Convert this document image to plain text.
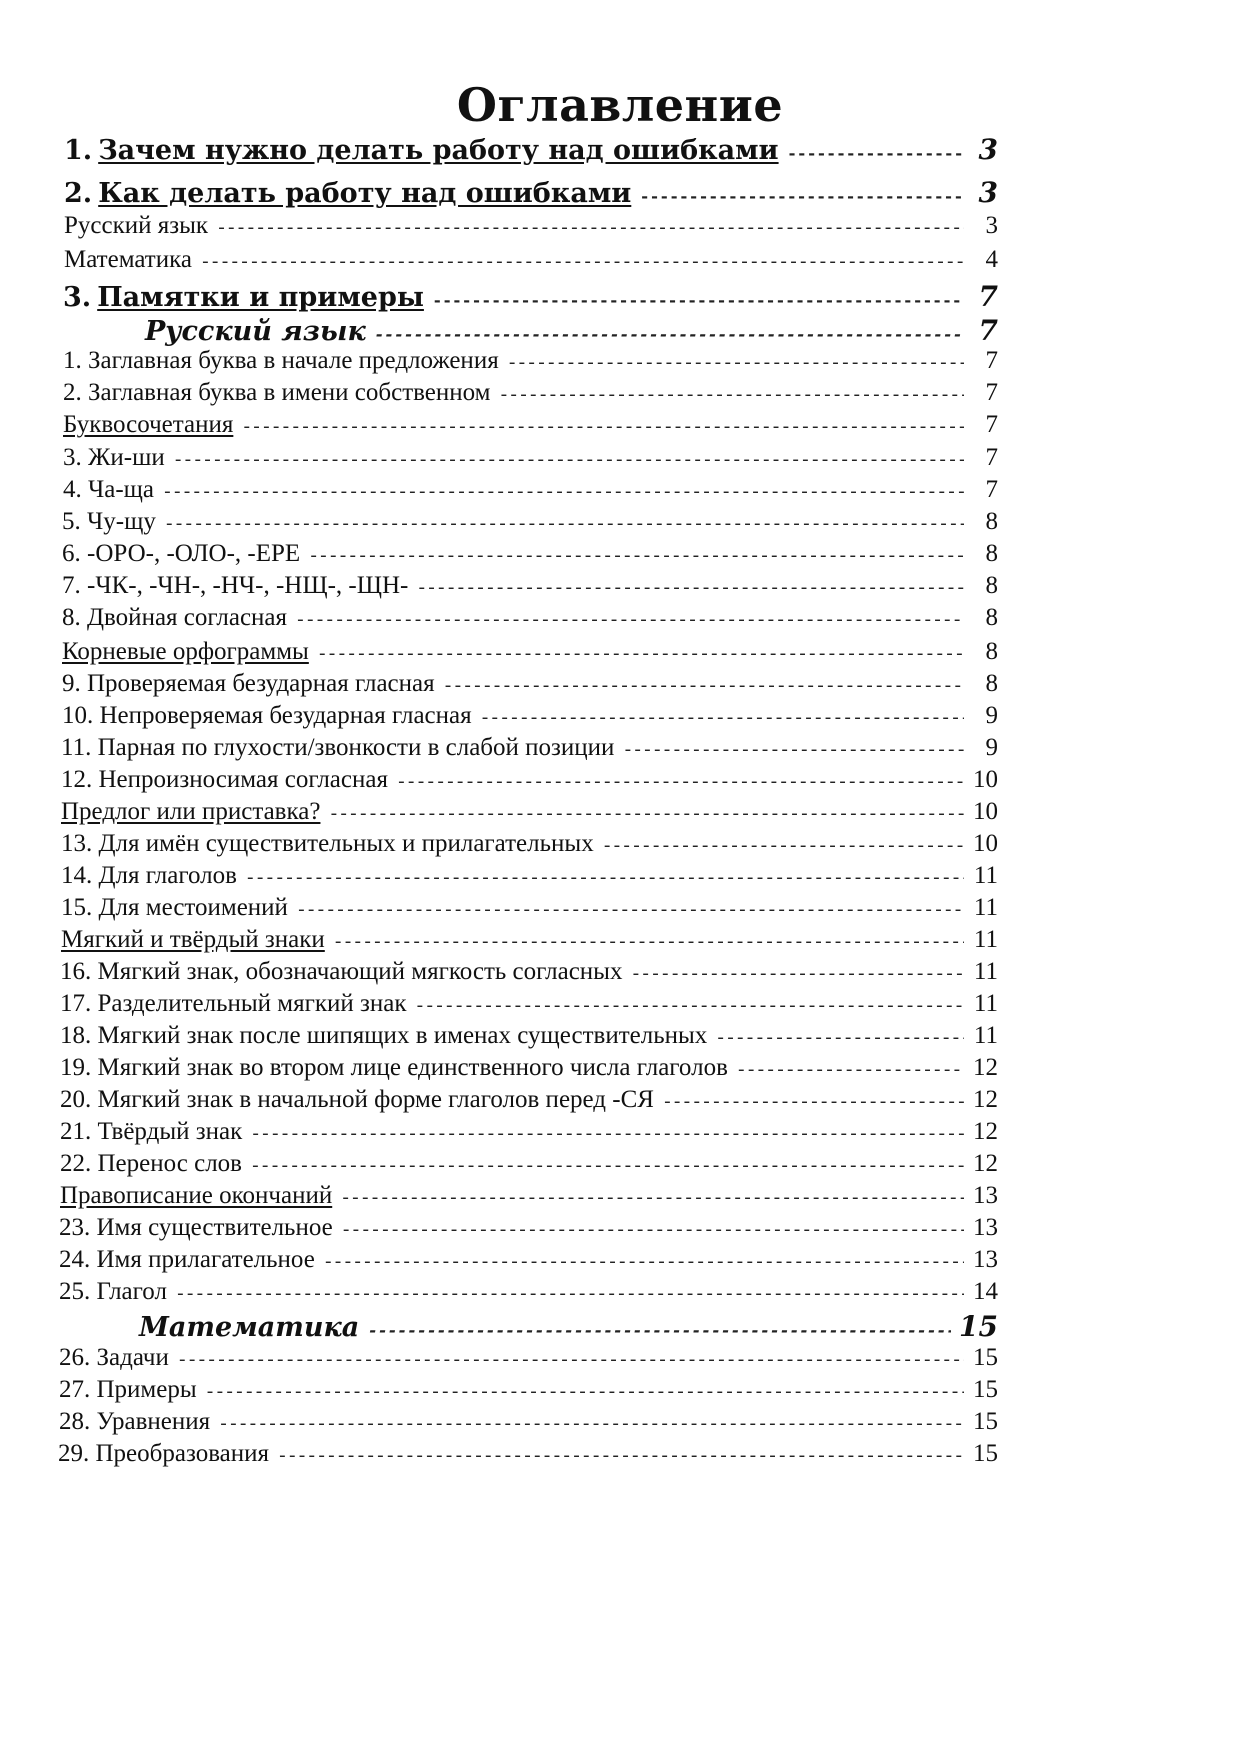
Оглавление
1. Зачем нужно делать работу над ошибками -----	3
2. Как делать работу над ошибками -----	3
Русский язык -----	3
Математика -----	4
3. Памятки и примеры -----	7
Русский язык -----	7
1. Заглавная буква в начале предложения -----	7
2. Заглавная буква в имени собственном -----	7
Буквосочетания -----	7
3. Жи-ши -----	7
4. Ча-ща -----	7
5. Чу-щу -----	8
6. -ОРО-, -ОЛО-, -ЕРЕ -----	8
7. -ЧК-, -ЧН-, -НЧ-, -НЩ-, -ЩН- -----	8
8. Двойная согласная -----	8
Корневые орфограммы -----	8
9. Проверяемая безударная гласная -----	8
10. Непроверяемая безударная гласная -----	9
11. Парная по глухости/звонкости в слабой позиции -----	9
12. Непроизносимая согласная -----	10
Предлог или приставка? -----	10
13. Для имён существительных и прилагательных -----	10
14. Для глаголов -----	11
15. Для местоимений -----	11
Мягкий и твёрдый знаки -----	11
16. Мягкий знак, обозначающий мягкость согласных -----	11
17. Разделительный мягкий знак -----	11
18. Мягкий знак после шипящих в именах существительных -----	11
19. Мягкий знак во втором лице единственного числа глаголов -----	12
20. Мягкий знак в начальной форме глаголов перед -СЯ -----	12
21. Твёрдый знак -----	12
22. Перенос слов -----	12
Правописание окончаний -----	13
23. Имя существительное -----	13
24. Имя прилагательное -----	13
25. Глагол -----	14
Математика -----	15
26. Задачи -----	15
27. Примеры -----	15
28. Уравнения -----	15
29. Преобразования -----	15
